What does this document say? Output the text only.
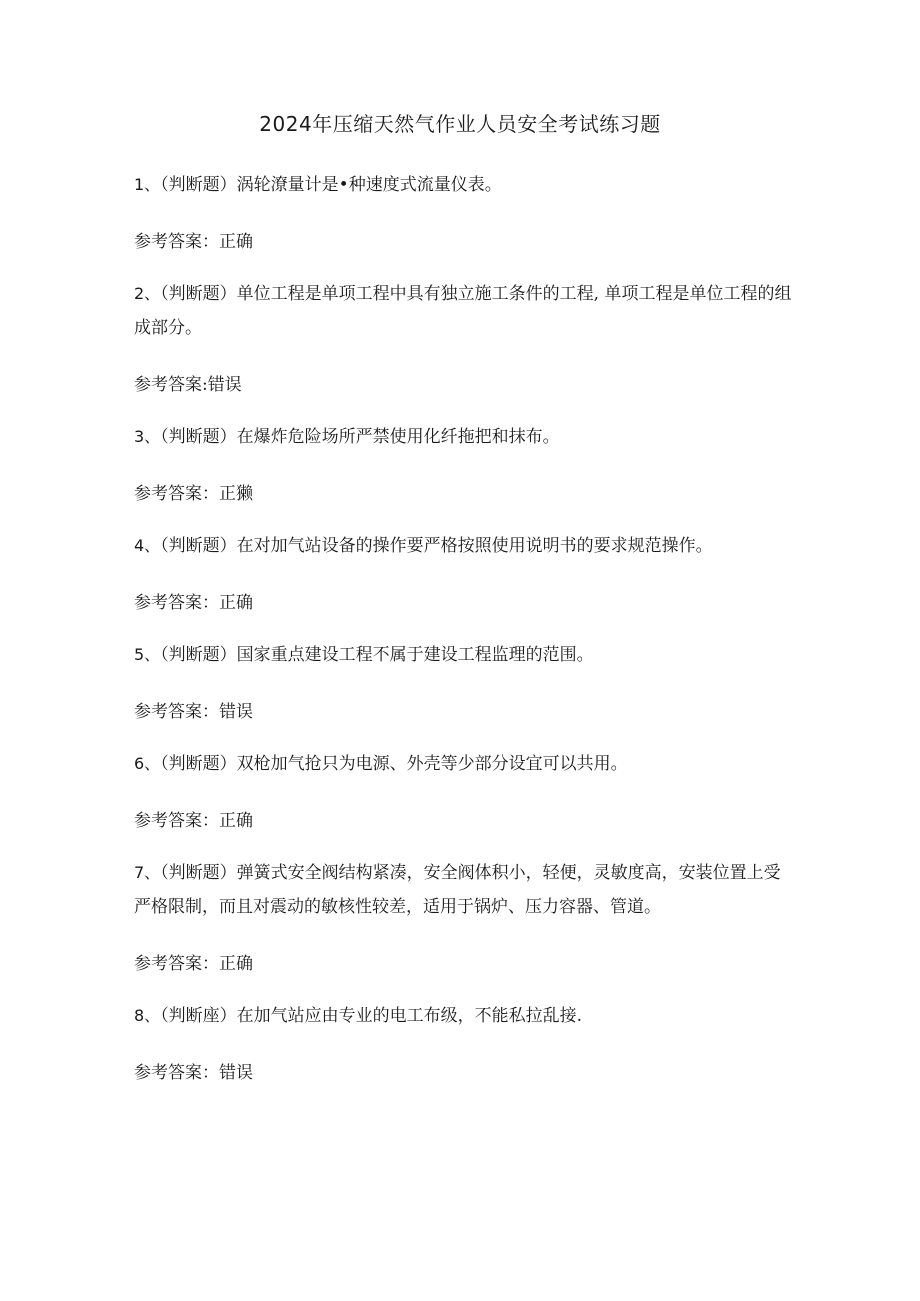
2024年压缩天然气作业人员安全考试练习题

1、（判断题）涡轮潦量计是•种速度式流量仪表。

参考答案：正确

2、（判断题）单位工程是单项工程中具有独立施工条件的工程, 单项工程是单位工程的组成部分。

参考答案:错误

3、（判断题）在爆炸危险场所严禁使用化纤拖把和抹布。

参考答案：正獭

4、（判断题）在对加气站设备的操作要严格按照使用说明书的要求规范操作。

参考答案：正确

5、（判断题）国家重点建设工程不属于建设工程监理的范围。

参考答案：错误

6、（判断题）双枪加气抢只为电源、外壳等少部分设宜可以共用。

参考答案：正确

7、（判断题）弹簧式安全阀结构紧凑，安全阀体积小，轻便，灵敏度高，安装位置上受严格限制，而且对震动的敏核性较差，适用于锅炉、压力容器、管道。

参考答案：正确

8、（判断座）在加气站应由专业的电工布级，不能私拉乱接.

参考答案：错误
